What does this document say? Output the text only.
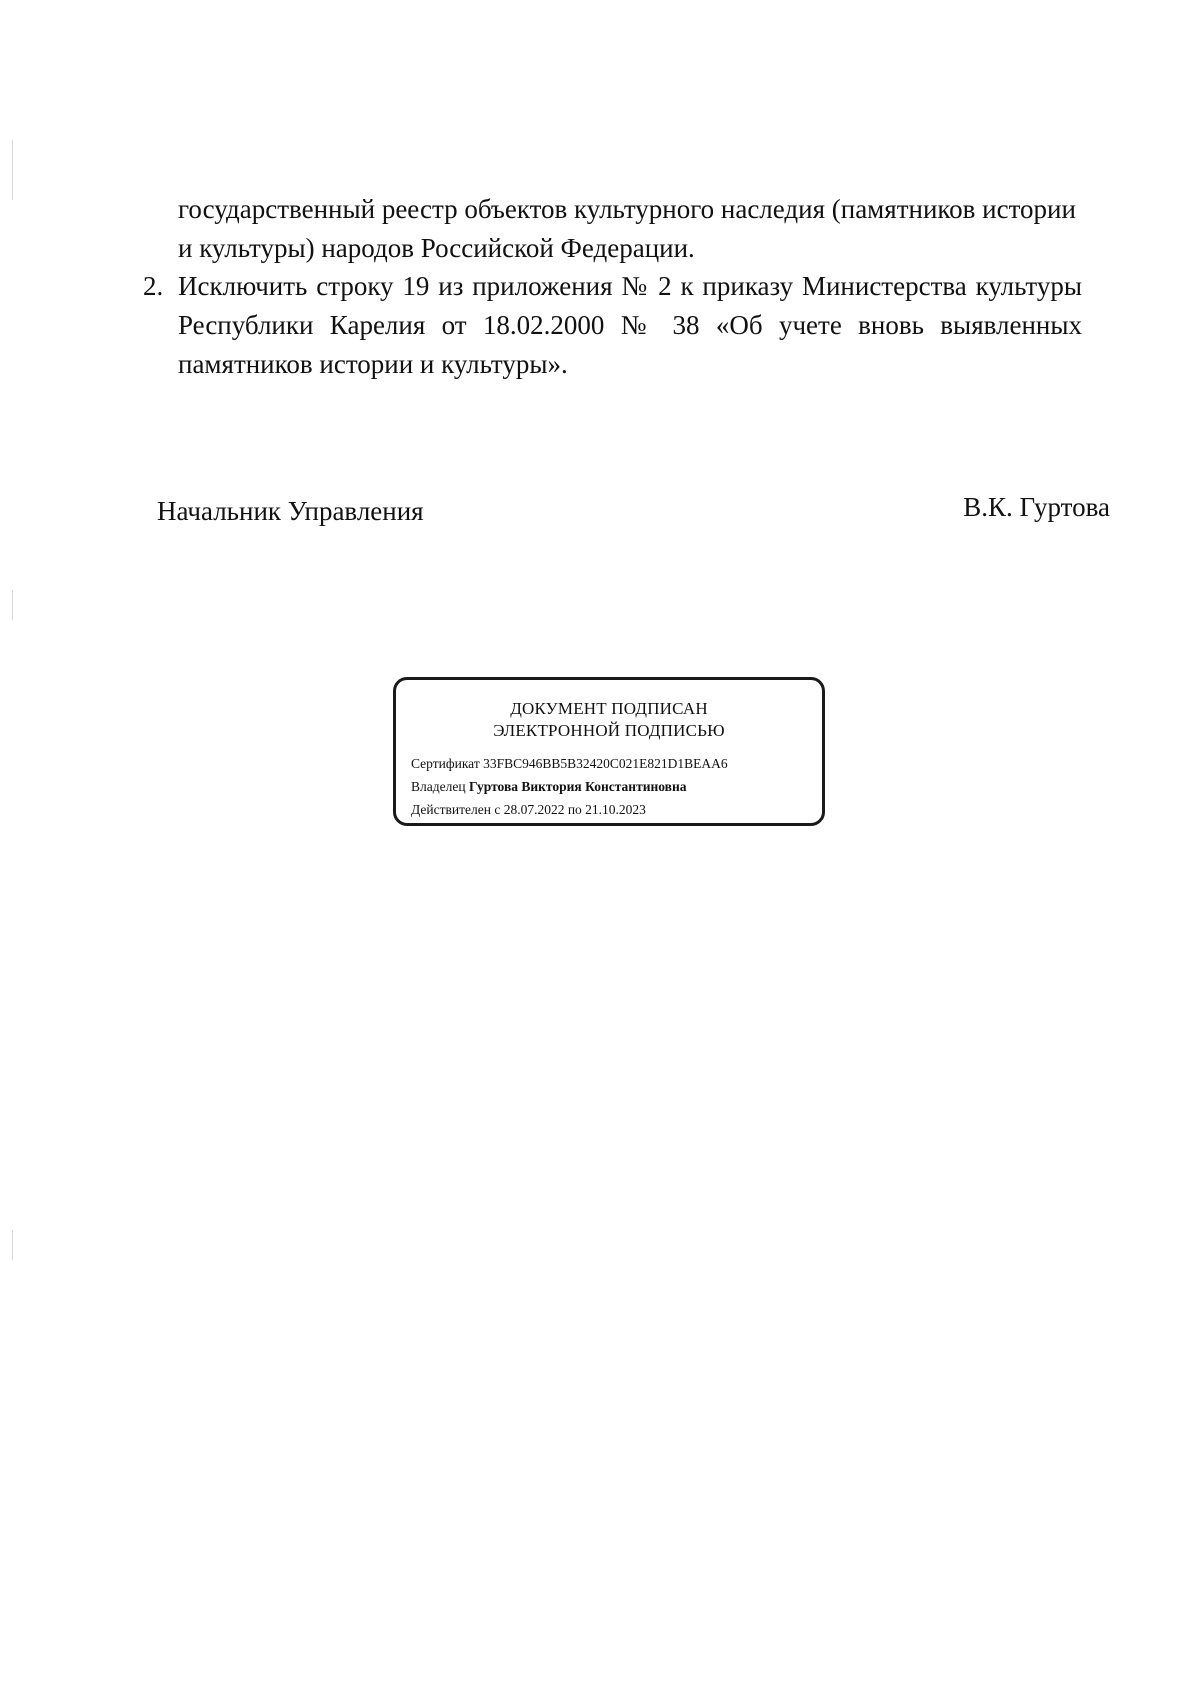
государственный реестр объектов культурного наследия (памятников истории и культуры) народов Российской Федерации.

2. Исключить строку 19 из приложения № 2 к приказу Министерства культуры Республики Карелия от 18.02.2000 № 38 «Об учете вновь выявленных памятников истории и культуры».
Начальник Управления	В.К. Гуртова
ДОКУМЕНТ ПОДПИСАН
ЭЛЕКТРОННОЙ ПОДПИСЬЮ
Сертификат 33FBC946BB5B32420C021E821D1BEAA6
Владелец Гуртова Виктория Константиновна
Действителен с 28.07.2022 по 21.10.2023
